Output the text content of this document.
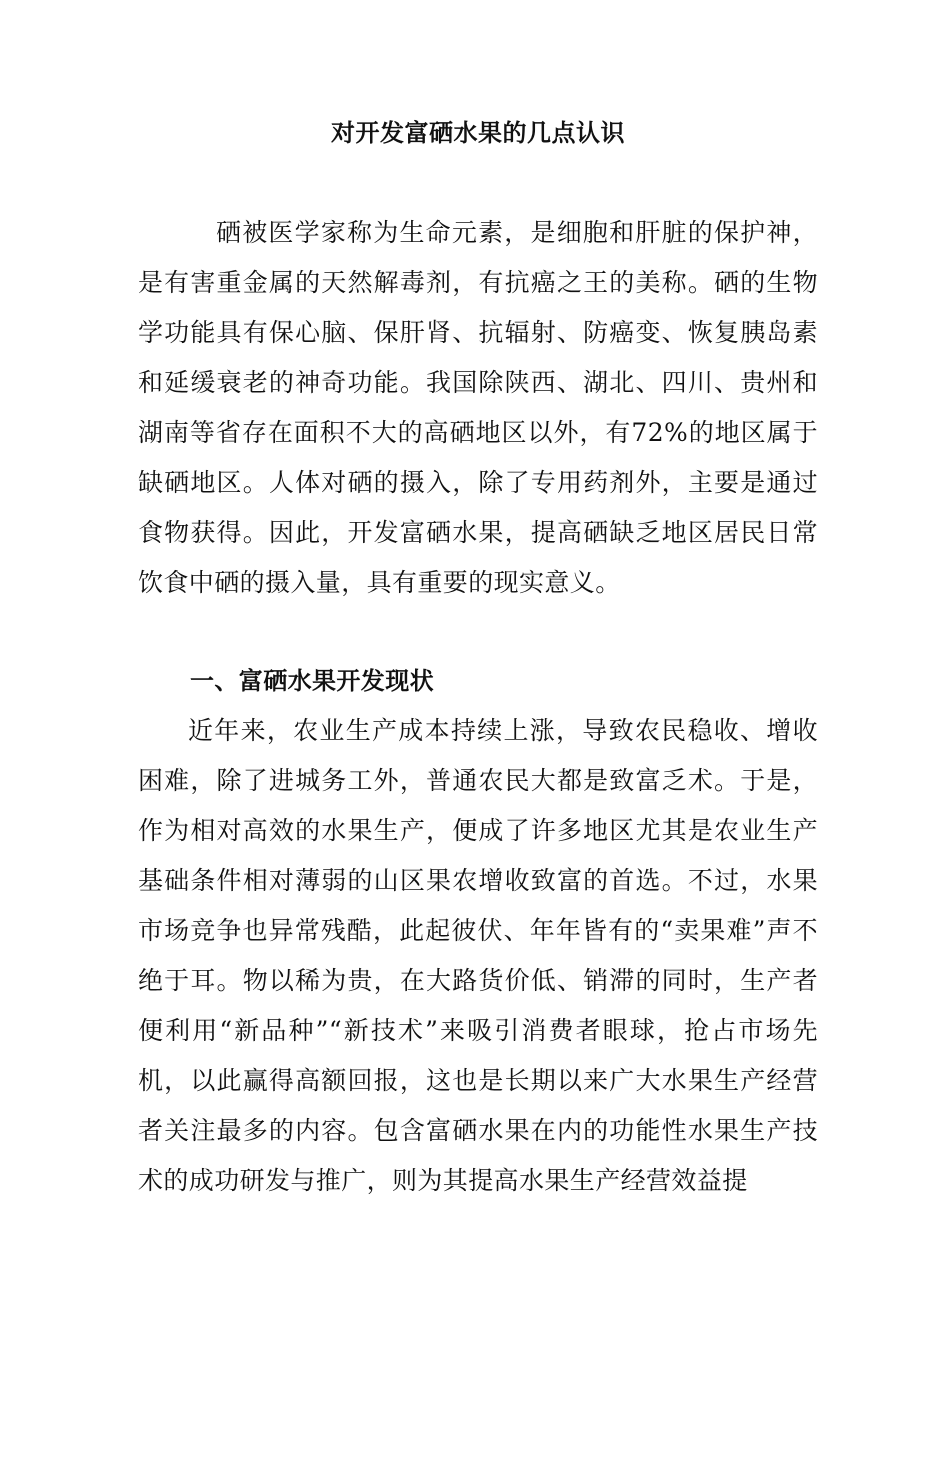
对开发富硒水果的几点认识

硒被医学家称为生命元素，是细胞和肝脏的保护神，是有害重金属的天然解毒剂，有抗癌之王的美称。硒的生物学功能具有保心脑、保肝肾、抗辐射、防癌变、恢复胰岛素和延缓衰老的神奇功能。我国除陕西、湖北、四川、贵州和湖南等省存在面积不大的高硒地区以外，有72%的地区属于缺硒地区。人体对硒的摄入，除了专用药剂外，主要是通过食物获得。因此，开发富硒水果，提高硒缺乏地区居民日常饮食中硒的摄入量，具有重要的现实意义。

一、富硒水果开发现状

近年来，农业生产成本持续上涨，导致农民稳收、增收困难，除了进城务工外，普通农民大都是致富乏术。于是，作为相对高效的水果生产，便成了许多地区尤其是农业生产基础条件相对薄弱的山区果农增收致富的首选。不过，水果市场竞争也异常残酷，此起彼伏、年年皆有的“卖果难”声不绝于耳。物以稀为贵，在大路货价低、销滞的同时，生产者便利用“新品种”“新技术”来吸引消费者眼球，抢占市场先机，以此赢得高额回报，这也是长期以来广大水果生产经营者关注最多的内容。包含富硒水果在内的功能性水果生产技术的成功研发与推广，则为其提高水果生产经营效益提
